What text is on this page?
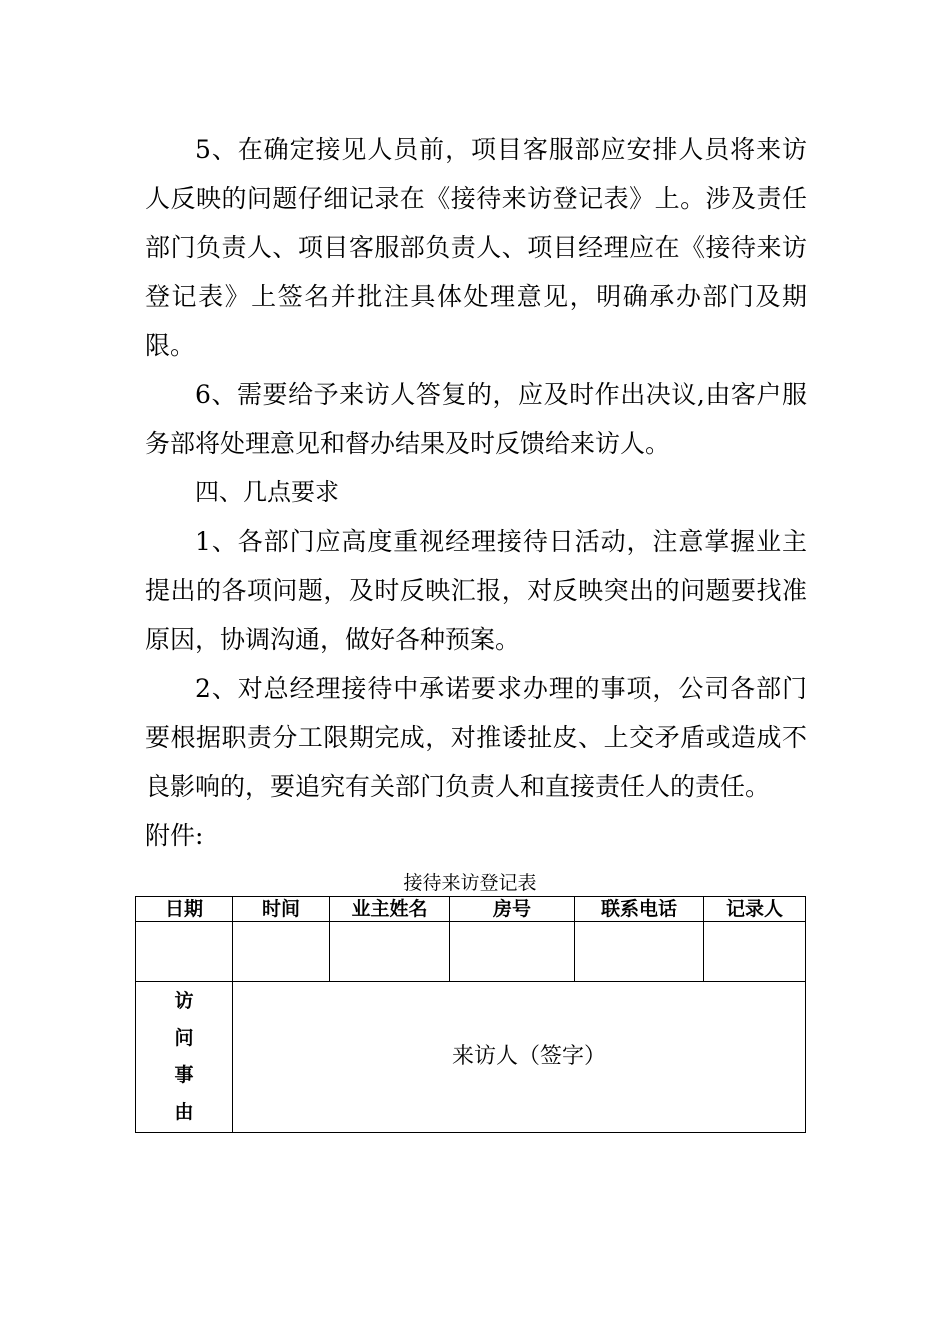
5、在确定接见人员前，项目客服部应安排人员将来访人反映的问题仔细记录在《接待来访登记表》上。涉及责任部门负责人、项目客服部负责人、项目经理应在《接待来访登记表》上签名并批注具体处理意见，明确承办部门及期限。

6、需要给予来访人答复的，应及时作出决议,由客户服务部将处理意见和督办结果及时反馈给来访人。

四、几点要求

1、各部门应高度重视经理接待日活动，注意掌握业主提出的各项问题，及时反映汇报，对反映突出的问题要找准原因，协调沟通，做好各种预案。

2、对总经理接待中承诺要求办理的事项，公司各部门要根据职责分工限期完成，对推诿扯皮、上交矛盾或造成不良影响的，要追究有关部门负责人和直接责任人的责任。

附件:

接待来访登记表
日期	时间	业主姓名	房号	联系电话	记录人

访
问
事
由	来访人（签字）				
